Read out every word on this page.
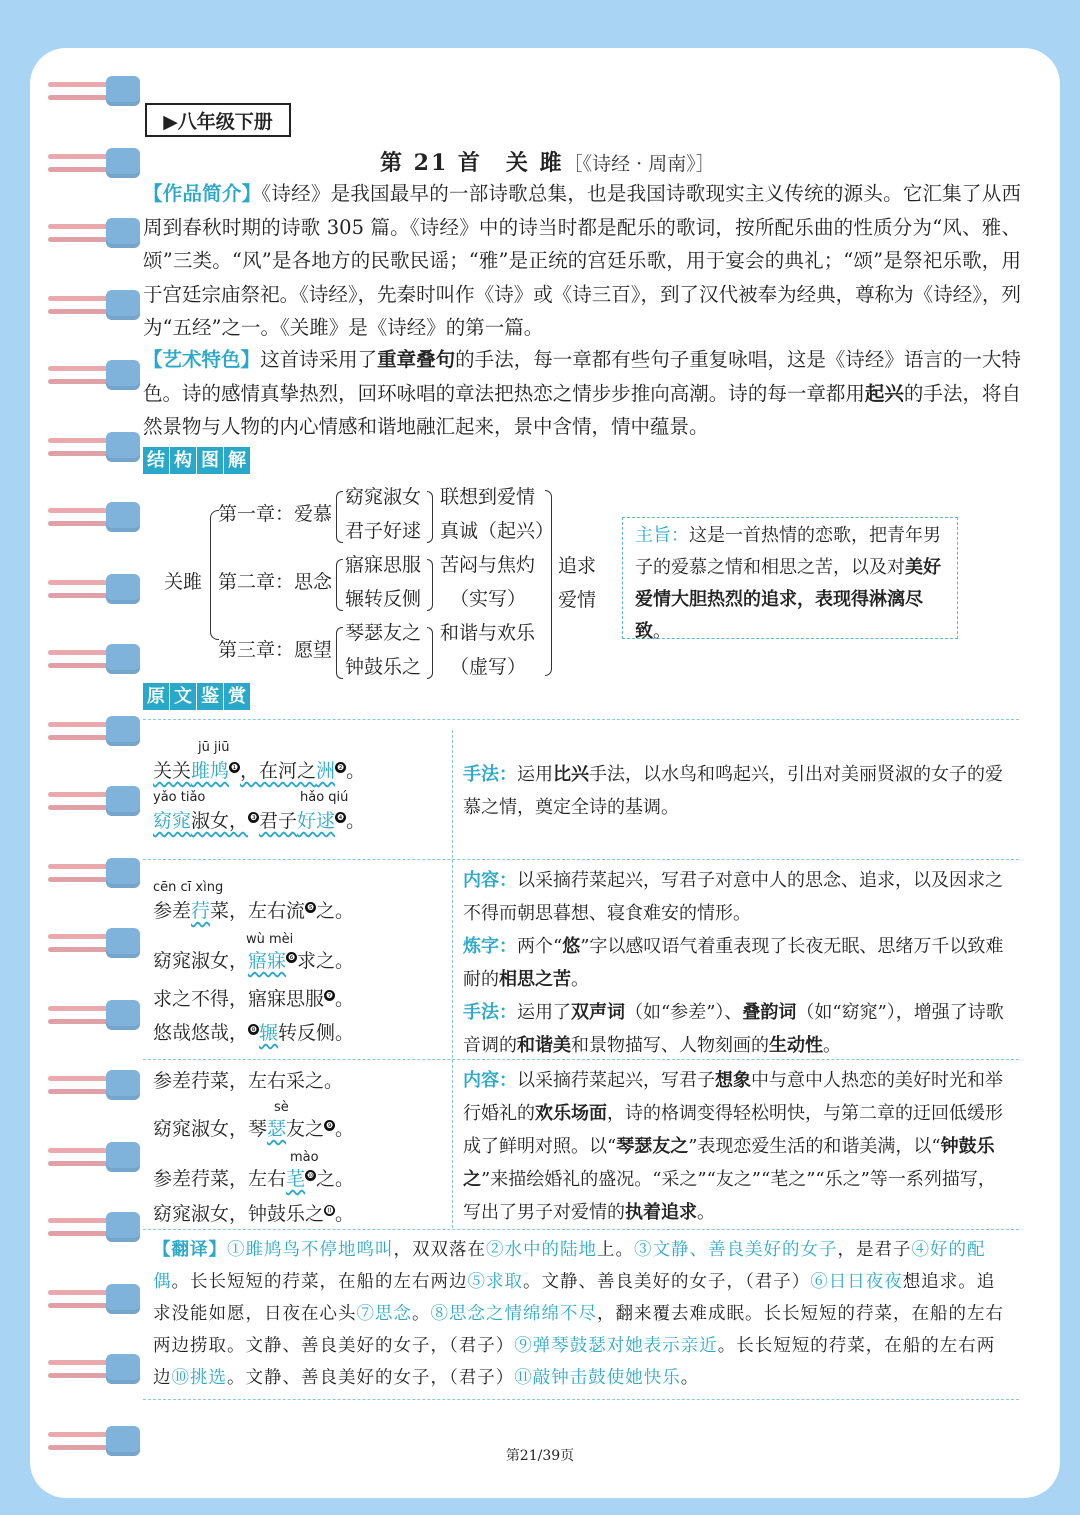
▶八年级下册
第 21 首　关 雎［《诗经 · 周南》］
【作品简介】《诗经》是我国最早的一部诗歌总集，也是我国诗歌现实主义传统的源头。它汇集了从西周到春秋时期的诗歌 305 篇。《诗经》中的诗当时都是配乐的歌词，按所配乐曲的性质分为“风、雅、颂”三类。“风”是各地方的民歌民谣；“雅”是正统的宫廷乐歌，用于宴会的典礼；“颂”是祭祀乐歌，用于宫廷宗庙祭祀。《诗经》，先秦时叫作《诗》或《诗三百》，到了汉代被奉为经典，尊称为《诗经》，列为“五经”之一。《关雎》是《诗经》的第一篇。
【艺术特色】这首诗采用了重章叠句的手法，每一章都有些句子重复咏唱，这是《诗经》语言的一大特色。诗的感情真挚热烈，回环咏唱的章法把热恋之情步步推向高潮。诗的每一章都用起兴的手法，将自然景物与人物的内心情感和谐地融汇起来，景中含情，情中蕴景。
结 构 图 解
关雎
第一章：爱慕
第二章：思念
第三章：愿望
窈窕淑女
君子好逑
寤寐思服
辗转反侧
琴瑟友之
钟鼓乐之
联想到爱情
真诚（起兴）
苦闷与焦灼
（实写）
和谐与欢乐
（虚写）
追求
爱情
主旨：这是一首热情的恋歌，把青年男子的爱慕之情和相思之苦，以及对美好爱情大胆热烈的追求，表现得淋漓尽致。
原 文 鉴 赏
jū jiū
关关雎鸠 ❶ ，在河之洲 ❷ 。
yǎo tiǎo	hǎo qiú
窈窕淑女， ❸ 君子好逑 ❹ 。
手法：运用比兴手法，以水鸟和鸣起兴，引出对美丽贤淑的女子的爱慕之情，奠定全诗的基调。
cēn cī xìng
参差荇菜，左右流 ❺ 之。
wù mèi
窈窕淑女，寤寐 ❻ 求之。
求之不得，寤寐思服 ❼ 。
悠哉悠哉， ❽ 辗转反侧。
内容：以采摘荇菜起兴，写君子对意中人的思念、追求，以及因求之不得而朝思暮想、寝食难安的情形。
炼字：两个“悠”字以感叹语气着重表现了长夜无眠、思绪万千以致难耐的相思之苦。
手法：运用了双声词（如“参差”）、叠韵词（如“窈窕”），增强了诗歌音调的和谐美和景物描写、人物刻画的生动性。
参差荇菜，左右采之。
sè
窈窕淑女，琴瑟友之 ❾ 。
mào
参差荇菜，左右芼 ❿ 之。
窈窕淑女，钟鼓乐之 ⓫。
内容：以采摘荇菜起兴，写君子想象中与意中人热恋的美好时光和举行婚礼的欢乐场面，诗的格调变得轻松明快，与第二章的迂回低缓形成了鲜明对照。以“琴瑟友之”表现恋爱生活的和谐美满，以“钟鼓乐之”来描绘婚礼的盛况。“采之”“友之”“芼之”“乐之”等一系列描写，写出了男子对爱情的执着追求。
【翻译】①雎鸠鸟不停地鸣叫，双双落在②水中的陆地上。③文静、善良美好的女子，是君子④好的配偶。长长短短的荇菜，在船的左右两边⑤求取。文静、善良美好的女子，（君子）⑥日日夜夜想追求。追求没能如愿，日夜在心头⑦思念。⑧思念之情绵绵不尽，翻来覆去难成眠。长长短短的荇菜，在船的左右两边捞取。文静、善良美好的女子，（君子）⑨弹琴鼓瑟对她表示亲近。长长短短的荇菜，在船的左右两边⑩挑选。文静、善良美好的女子，（君子）⑪敲钟击鼓使她快乐。
第21/39页
